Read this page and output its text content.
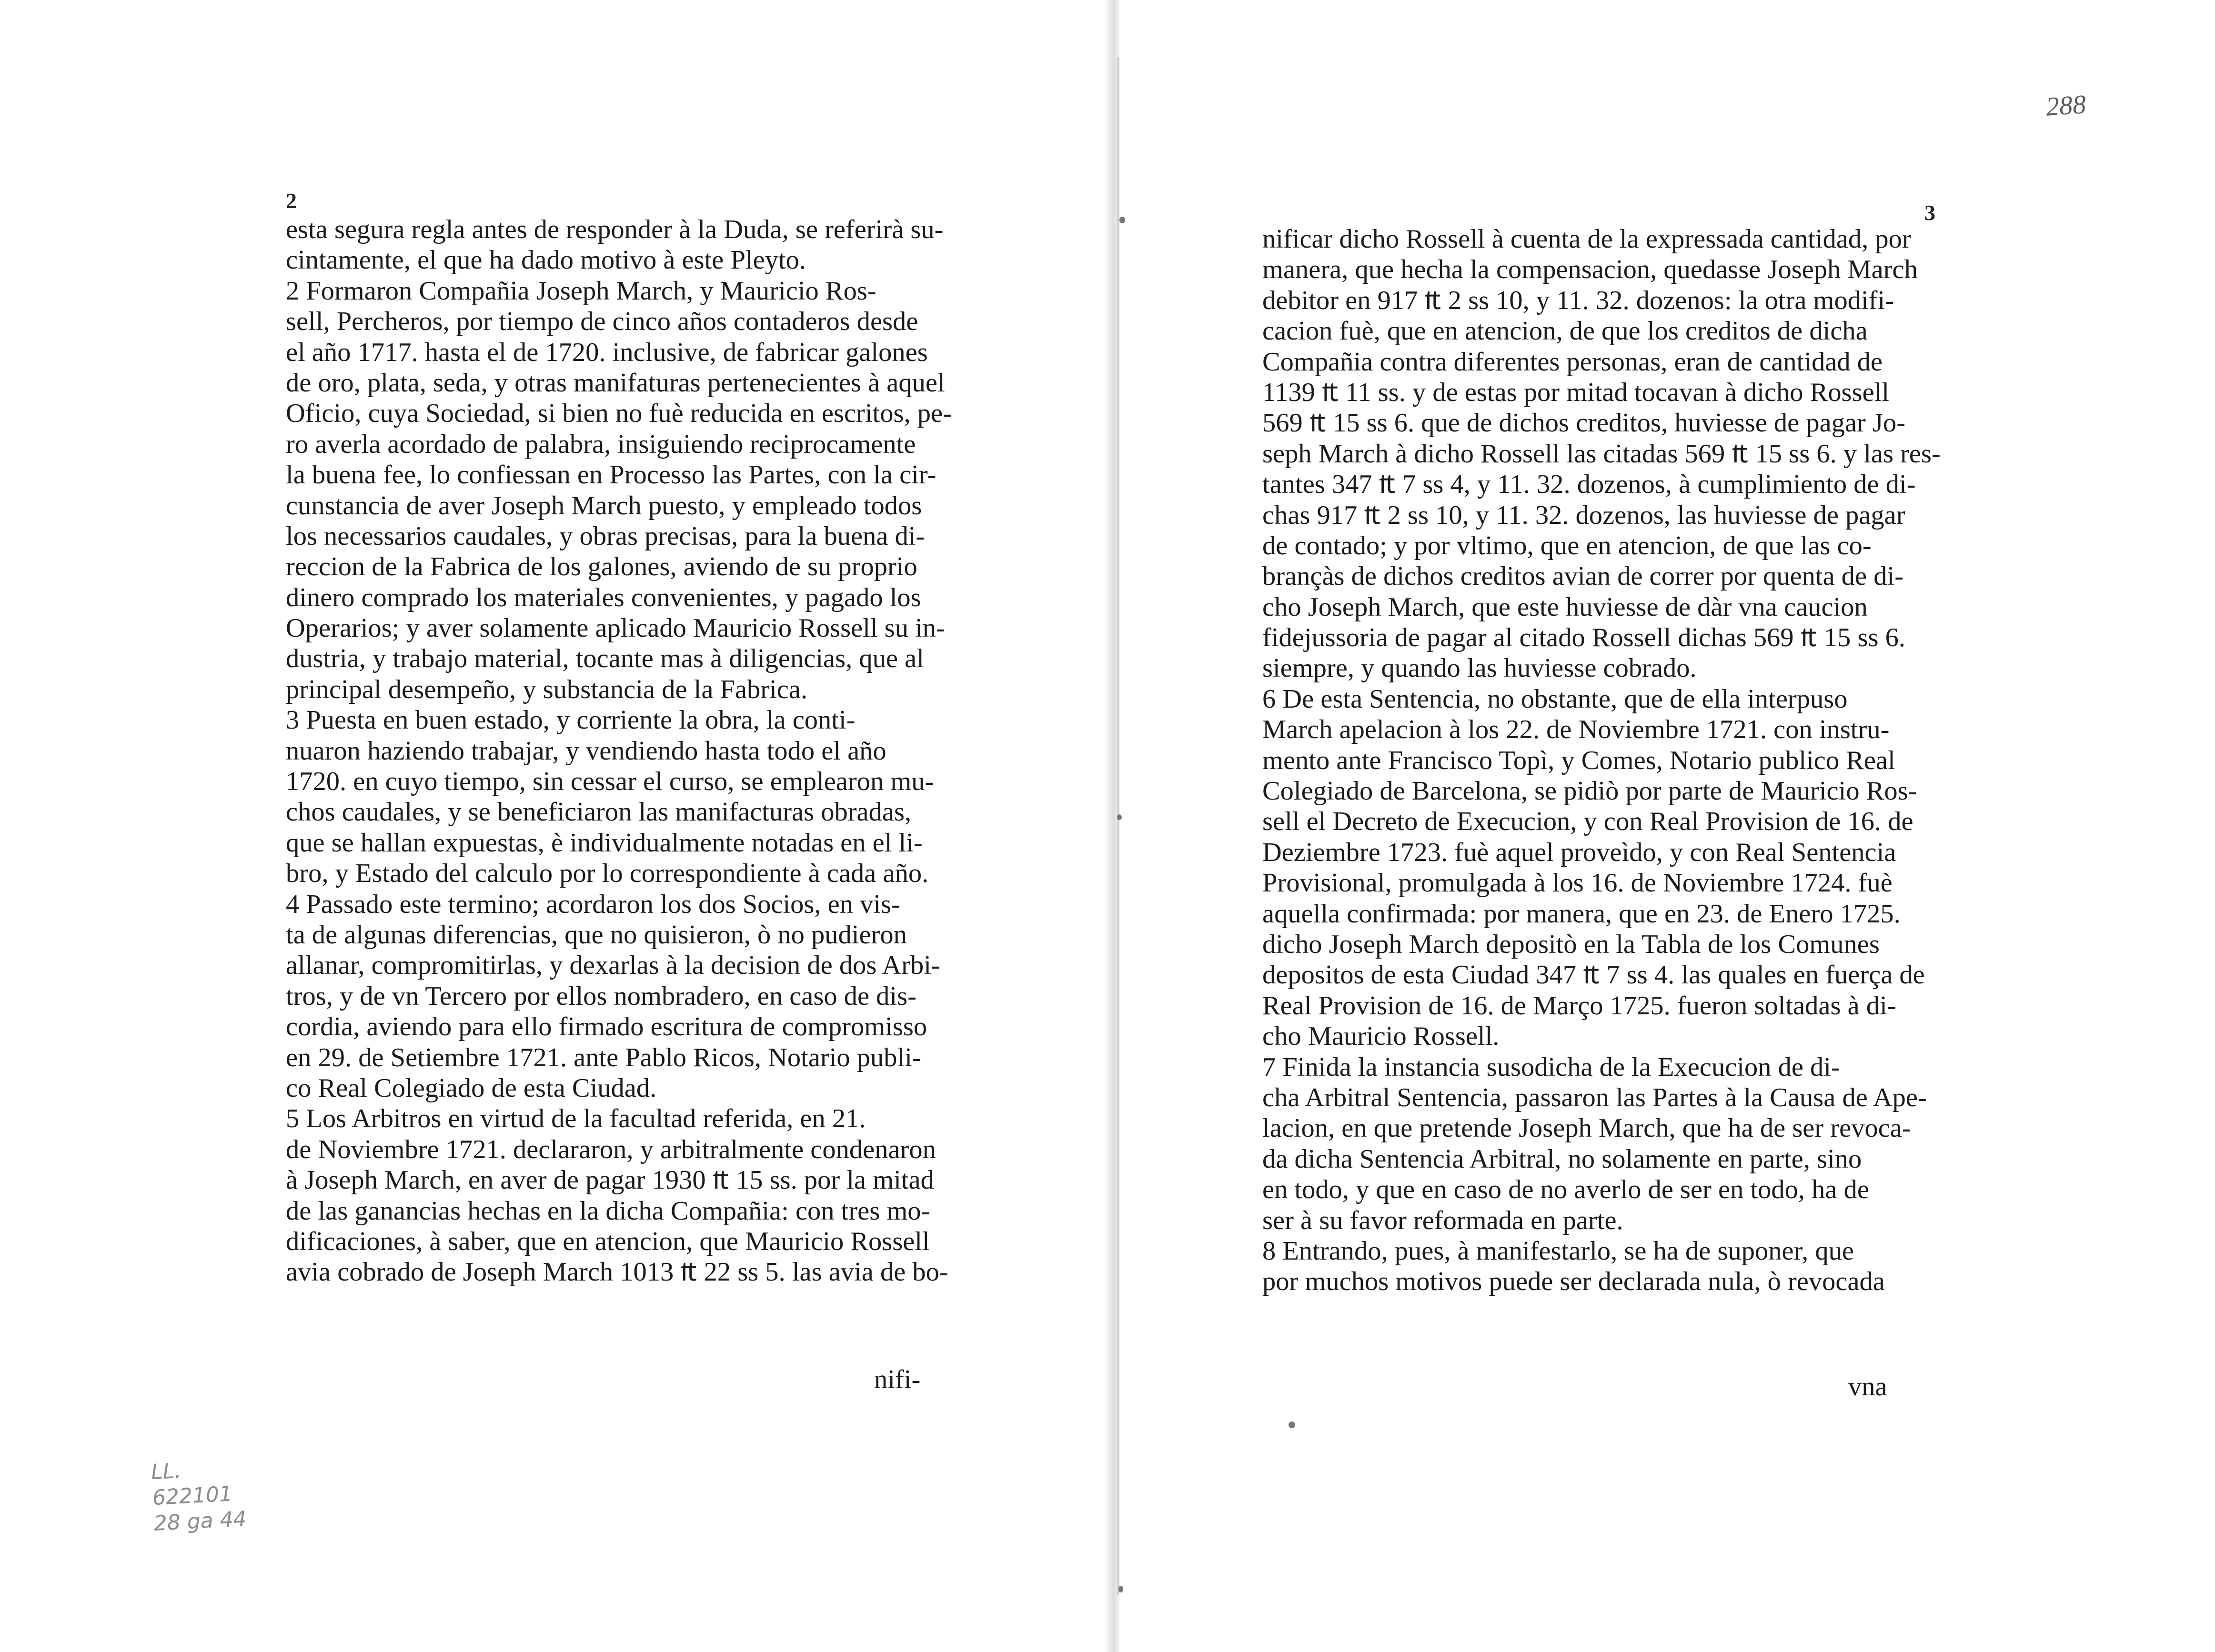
2
esta segura regla antes de responder à la Duda, se referirà su-
cintamente, el que ha dado motivo à este Pleyto.
2 Formaron Compañia Joseph March, y Mauricio Ros-
sell, Percheros, por tiempo de cinco años contaderos desde
el año 1717. hasta el de 1720. inclusive, de fabricar galones
de oro, plata, seda, y otras manifaturas pertenecientes à aquel
Oficio, cuya Sociedad, si bien no fuè reducida en escritos, pe-
ro averla acordado de palabra, insiguiendo reciprocamente
la buena fee, lo confiessan en Processo las Partes, con la cir-
cunstancia de aver Joseph March puesto, y empleado todos
los necessarios caudales, y obras precisas, para la buena di-
reccion de la Fabrica de los galones, aviendo de su proprio
dinero comprado los materiales convenientes, y pagado los
Operarios; y aver solamente aplicado Mauricio Rossell su in-
dustria, y trabajo material, tocante mas à diligencias, que al
principal desempeño, y substancia de la Fabrica.
3 Puesta en buen estado, y corriente la obra, la conti-
nuaron haziendo trabajar, y vendiendo hasta todo el año
1720. en cuyo tiempo, sin cessar el curso, se emplearon mu-
chos caudales, y se beneficiaron las manifacturas obradas,
que se hallan expuestas, è individualmente notadas en el li-
bro, y Estado del calculo por lo correspondiente à cada año.
4 Passado este termino; acordaron los dos Socios, en vis-
ta de algunas diferencias, que no quisieron, ò no pudieron
allanar, compromitirlas, y dexarlas à la decision de dos Arbi-
tros, y de vn Tercero por ellos nombradero, en caso de dis-
cordia, aviendo para ello firmado escritura de compromisso
en 29. de Setiembre 1721. ante Pablo Ricos, Notario publi-
co Real Colegiado de esta Ciudad.
5 Los Arbitros en virtud de la facultad referida, en 21.
de Noviembre 1721. declararon, y arbitralmente condenaron
à Joseph March, en aver de pagar 1930 ₶ 15 ss. por la mitad
de las ganancias hechas en la dicha Compañia: con tres mo-
dificaciones, à saber, que en atencion, que Mauricio Rossell
avia cobrado de Joseph March 1013 ₶ 22 ss 5. las avia de bo-
nifi-
LL.
622101
28 ga 44
288
3
nificar dicho Rossell à cuenta de la expressada cantidad, por
manera, que hecha la compensacion, quedasse Joseph March
debitor en 917 ₶ 2 ss 10, y 11. 32. dozenos: la otra modifi-
cacion fuè, que en atencion, de que los creditos de dicha
Compañia contra diferentes personas, eran de cantidad de
1139 ₶ 11 ss. y de estas por mitad tocavan à dicho Rossell
569 ₶ 15 ss 6. que de dichos creditos, huviesse de pagar Jo-
seph March à dicho Rossell las citadas 569 ₶ 15 ss 6. y las res-
tantes 347 ₶ 7 ss 4, y 11. 32. dozenos, à cumplimiento de di-
chas 917 ₶ 2 ss 10, y 11. 32. dozenos, las huviesse de pagar
de contado; y por vltimo, que en atencion, de que las co-
brançàs de dichos creditos avian de correr por quenta de di-
cho Joseph March, que este huviesse de dàr vna caucion
fidejussoria de pagar al citado Rossell dichas 569 ₶ 15 ss 6.
siempre, y quando las huviesse cobrado.
6 De esta Sentencia, no obstante, que de ella interpuso
March apelacion à los 22. de Noviembre 1721. con instru-
mento ante Francisco Topì, y Comes, Notario publico Real
Colegiado de Barcelona, se pidiò por parte de Mauricio Ros-
sell el Decreto de Execucion, y con Real Provision de 16. de
Deziembre 1723. fuè aquel proveìdo, y con Real Sentencia
Provisional, promulgada à los 16. de Noviembre 1724. fuè
aquella confirmada: por manera, que en 23. de Enero 1725.
dicho Joseph March depositò en la Tabla de los Comunes
depositos de esta Ciudad 347 ₶ 7 ss 4. las quales en fuerça de
Real Provision de 16. de Março 1725. fueron soltadas à di-
cho Mauricio Rossell.
7 Finida la instancia susodicha de la Execucion de di-
cha Arbitral Sentencia, passaron las Partes à la Causa de Ape-
lacion, en que pretende Joseph March, que ha de ser revoca-
da dicha Sentencia Arbitral, no solamente en parte, sino
en todo, y que en caso de no averlo de ser en todo, ha de
ser à su favor reformada en parte.
8 Entrando, pues, à manifestarlo, se ha de suponer, que
por muchos motivos puede ser declarada nula, ò revocada
vna
